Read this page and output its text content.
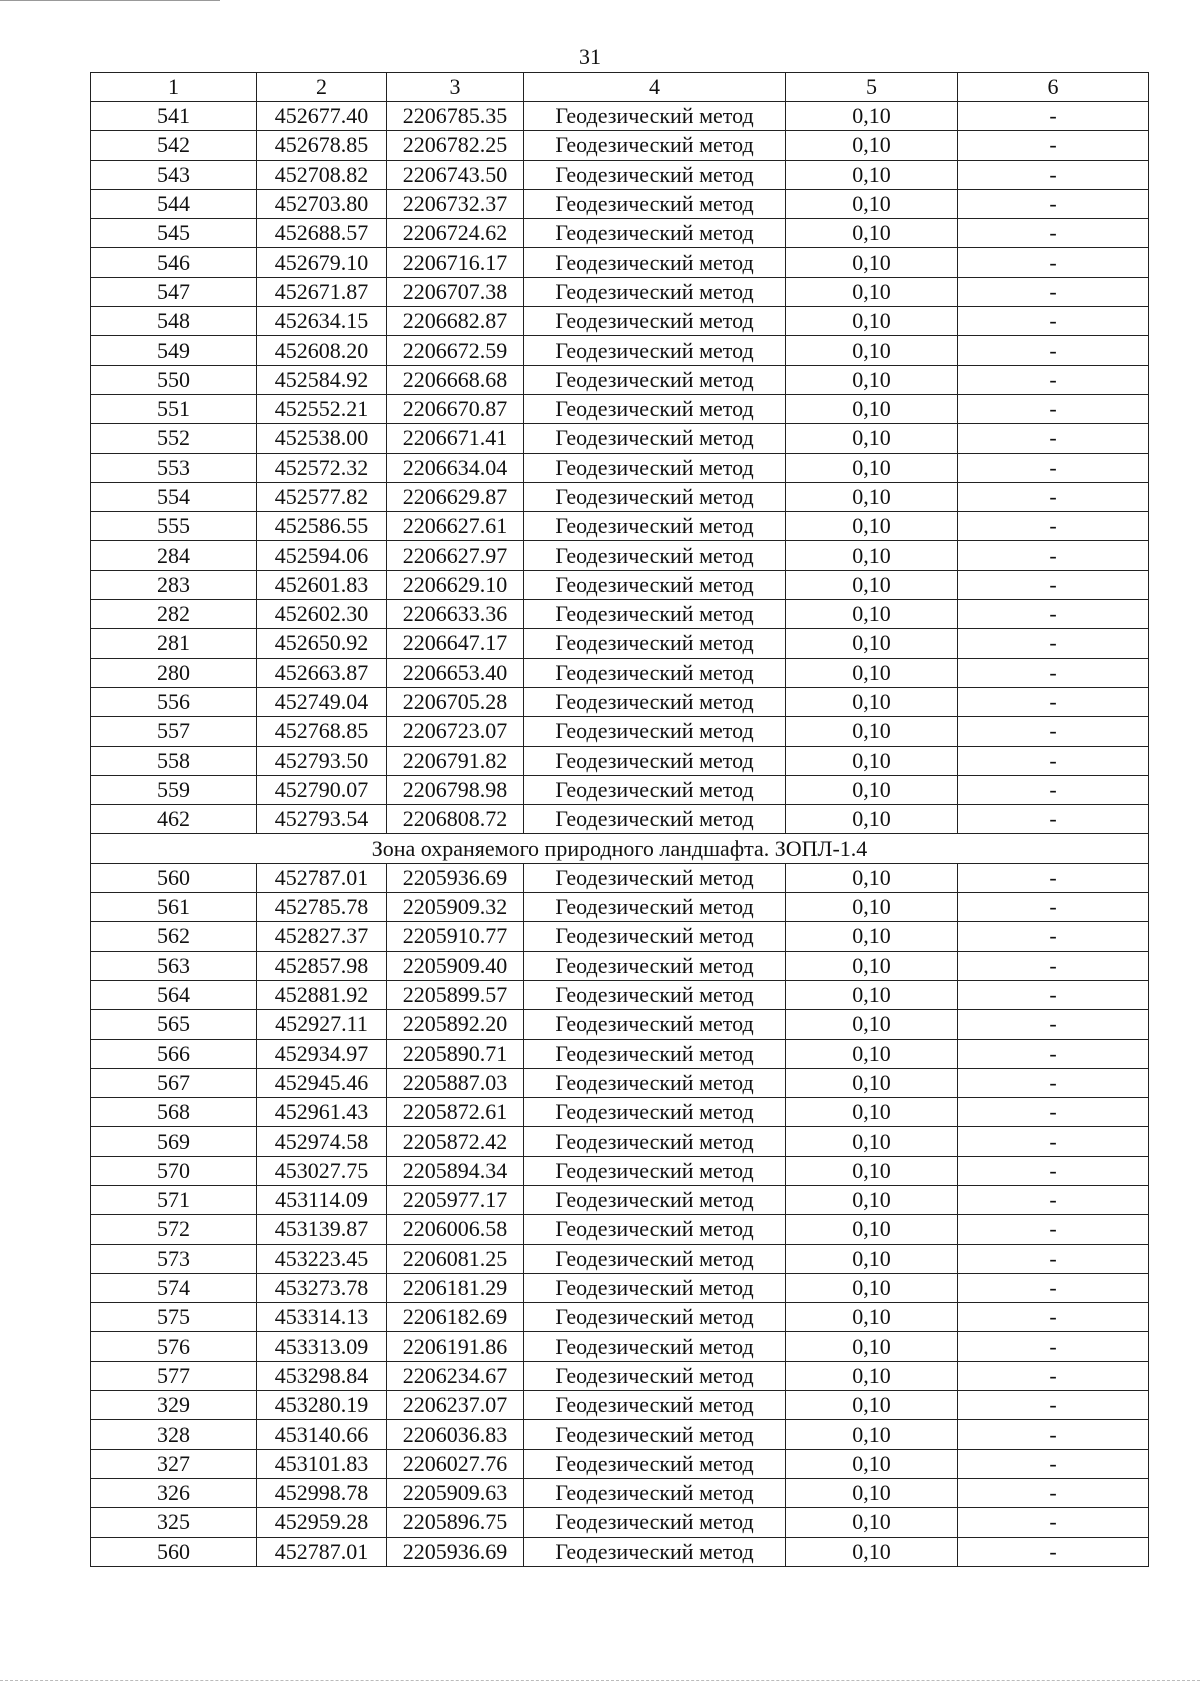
31
1	2	3	4	5	6
541	452677.40	2206785.35	Геодезический метод	0,10	-
542	452678.85	2206782.25	Геодезический метод	0,10	-
543	452708.82	2206743.50	Геодезический метод	0,10	-
544	452703.80	2206732.37	Геодезический метод	0,10	-
545	452688.57	2206724.62	Геодезический метод	0,10	-
546	452679.10	2206716.17	Геодезический метод	0,10	-
547	452671.87	2206707.38	Геодезический метод	0,10	-
548	452634.15	2206682.87	Геодезический метод	0,10	-
549	452608.20	2206672.59	Геодезический метод	0,10	-
550	452584.92	2206668.68	Геодезический метод	0,10	-
551	452552.21	2206670.87	Геодезический метод	0,10	-
552	452538.00	2206671.41	Геодезический метод	0,10	-
553	452572.32	2206634.04	Геодезический метод	0,10	-
554	452577.82	2206629.87	Геодезический метод	0,10	-
555	452586.55	2206627.61	Геодезический метод	0,10	-
284	452594.06	2206627.97	Геодезический метод	0,10	-
283	452601.83	2206629.10	Геодезический метод	0,10	-
282	452602.30	2206633.36	Геодезический метод	0,10	-
281	452650.92	2206647.17	Геодезический метод	0,10	-
280	452663.87	2206653.40	Геодезический метод	0,10	-
556	452749.04	2206705.28	Геодезический метод	0,10	-
557	452768.85	2206723.07	Геодезический метод	0,10	-
558	452793.50	2206791.82	Геодезический метод	0,10	-
559	452790.07	2206798.98	Геодезический метод	0,10	-
462	452793.54	2206808.72	Геодезический метод	0,10	-
Зона охраняемого природного ландшафта. ЗОПЛ-1.4					
560	452787.01	2205936.69	Геодезический метод	0,10	-
561	452785.78	2205909.32	Геодезический метод	0,10	-
562	452827.37	2205910.77	Геодезический метод	0,10	-
563	452857.98	2205909.40	Геодезический метод	0,10	-
564	452881.92	2205899.57	Геодезический метод	0,10	-
565	452927.11	2205892.20	Геодезический метод	0,10	-
566	452934.97	2205890.71	Геодезический метод	0,10	-
567	452945.46	2205887.03	Геодезический метод	0,10	-
568	452961.43	2205872.61	Геодезический метод	0,10	-
569	452974.58	2205872.42	Геодезический метод	0,10	-
570	453027.75	2205894.34	Геодезический метод	0,10	-
571	453114.09	2205977.17	Геодезический метод	0,10	-
572	453139.87	2206006.58	Геодезический метод	0,10	-
573	453223.45	2206081.25	Геодезический метод	0,10	-
574	453273.78	2206181.29	Геодезический метод	0,10	-
575	453314.13	2206182.69	Геодезический метод	0,10	-
576	453313.09	2206191.86	Геодезический метод	0,10	-
577	453298.84	2206234.67	Геодезический метод	0,10	-
329	453280.19	2206237.07	Геодезический метод	0,10	-
328	453140.66	2206036.83	Геодезический метод	0,10	-
327	453101.83	2206027.76	Геодезический метод	0,10	-
326	452998.78	2205909.63	Геодезический метод	0,10	-
325	452959.28	2205896.75	Геодезический метод	0,10	-
560	452787.01	2205936.69	Геодезический метод	0,10	-
